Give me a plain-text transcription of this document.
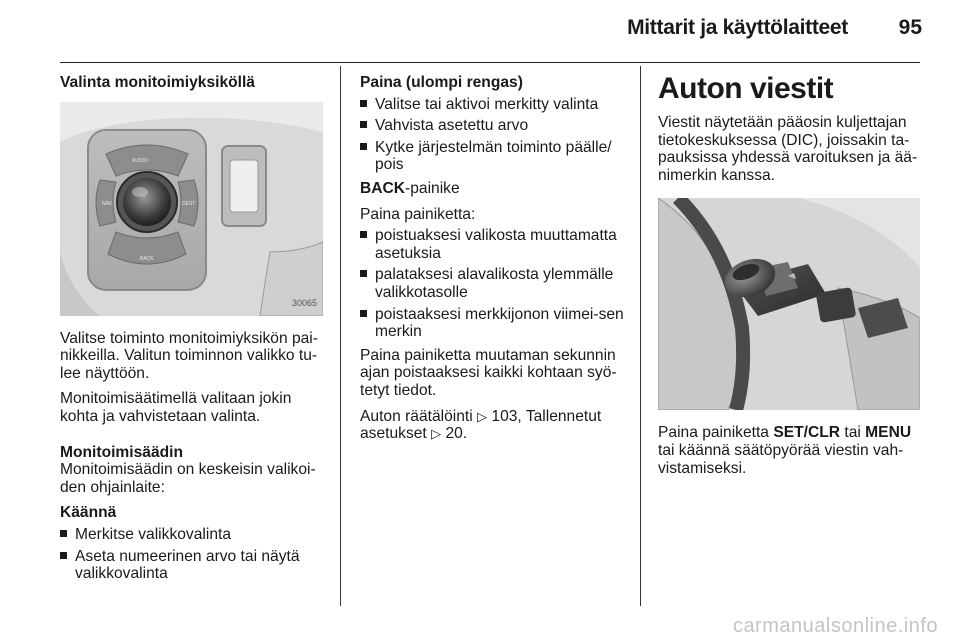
Mittarit ja käyttölaitteet 95

Valinta monitoimiyksiköllä

AUDIO
NAV	DEST
BACK
30065

Valitse toiminto monitoimiyksikön pai-nikkeilla. Valitun toiminnon valikko tu-lee näyttöön.

Monitoimisäätimellä valitaan jokin kohta ja vahvistetaan valinta.

Monitoimisäädin

Monitoimisäädin on keskeisin valikoi-den ohjainlaite:

Käännä

Merkitse valikkovalinta
Aseta numeerinen arvo tai näytä valikkovalinta

Paina (ulompi rengas)

Valitse tai aktivoi merkitty valinta
Vahvista asetettu arvo
Kytke järjestelmän toiminto päälle/ pois

BACK-painike

Paina painiketta:

poistuaksesi valikosta muuttamatta asetuksia
palataksesi alavalikosta ylemmälle valikkotasolle
poistaaksesi merkkijonon viimei-sen merkin

Paina painiketta muutaman sekunnin ajan poistaaksesi kaikki kohtaan syö-tetyt tiedot.

Auton räätälöinti ▷ 103, Tallennetut asetukset ▷ 20.

Auton viestit

Viestit näytetään pääosin kuljettajan tietokeskuksessa (DIC), joissakin ta-pauksissa yhdessä varoituksen ja ää-nimerkin kanssa.

Paina painiketta SET/CLR tai MENU tai käännä säätöpyörää viestin vah-vistamiseksi.

carmanualsonline.info
